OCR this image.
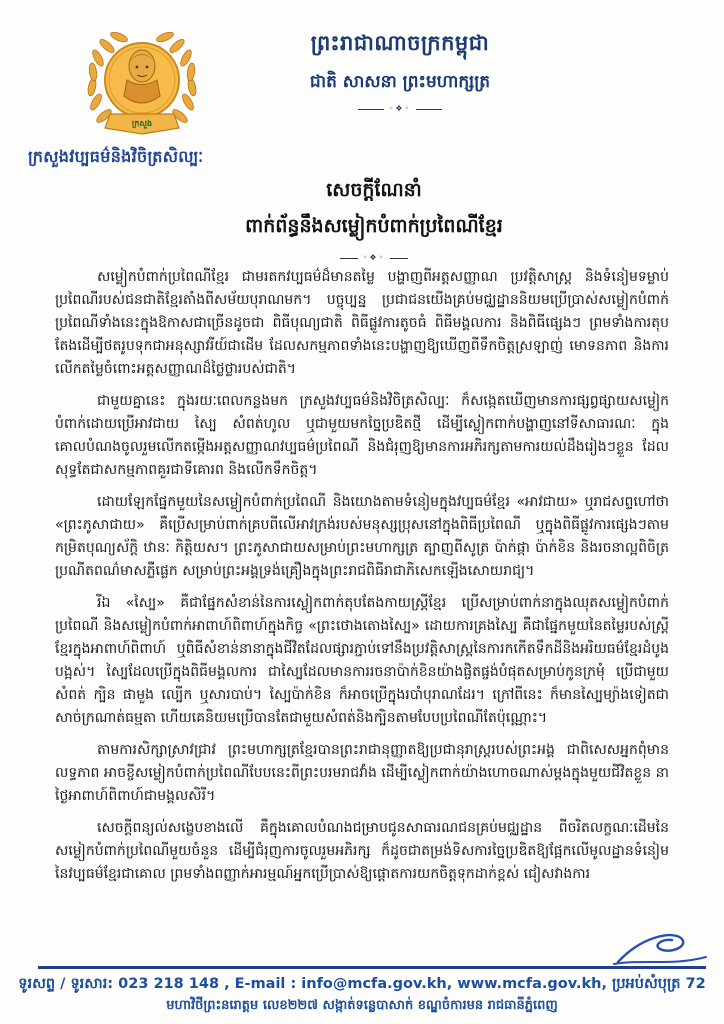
ក្រសួង
ព្រះរាជាណាចក្រកម្ពុជា
ជាតិ សាសនា ព្រះមហាក្សត្រ
◦❖◦
ក្រសួងវប្បធម៌និងវិចិត្រសិល្បៈ
សេចក្តីណែនាំ
ពាក់ព័ន្ធនឹងសម្លៀកបំពាក់ប្រពៃណីខ្មែរ
◦❖◦

សម្លៀកបំពាក់ប្រពៃណីខ្មែរ ជាមរតកវប្បធម៌ដ៏មានតម្លៃ បង្ហាញពីអត្តសញ្ញាណ ប្រវត្តិសាស្ត្រ និងទំនៀមទម្លាប់ប្រពៃណីរបស់ជនជាតិខ្មែរតាំងពីសម័យបុរាណមក។ បច្ចុប្បន្ន ប្រជាជនយើងគ្រប់មជ្ឈដ្ឋាននិយមប្រើប្រាស់សម្លៀកបំពាក់ប្រពៃណីទាំងនេះក្នុងឱកាសជាច្រើនដូចជា ពិធីបុណ្យជាតិ ពិធីផ្លូវការតូចធំ ពិធីមង្គលការ និងពិធីផ្សេងៗ ព្រមទាំងការតុបតែងដើម្បីថតរូបទុកជាអនុស្សាវរីយ៍ជាដើម ដែលសកម្មភាពទាំងនេះបង្ហាញឱ្យឃើញពីទឹកចិត្តស្រឡាញ់ មោទនភាព និងការលើកតម្លៃចំពោះអត្តសញ្ញាណដ៏ថ្លៃថ្លារបស់ជាតិ។

ជាមួយគ្នានេះ ក្នុងរយៈពេលកន្លងមក ក្រសួងវប្បធម៌និងវិចិត្រសិល្បៈ ក៏សង្កេតឃើញមានការផ្សព្វផ្សាយសម្លៀកបំពាក់ដោយប្រើអាវជាយ ស្បៃ សំពត់ហូល ឬជាមួយមកច្នៃប្រឌិតថ្មី ដើម្បីស្លៀកពាក់បង្ហាញនៅទីសាធារណៈ ក្នុងគោលបំណងចូលរួមលើកតម្កើងអត្តសញ្ញាណវប្បធម៌ប្រពៃណី និងជំរុញឱ្យមានការអភិរក្សតាមការយល់ដឹងរៀងៗខ្លួន ដែលសុទ្ធតែជាសកម្មភាពគួរជាទីគោរព និងលើកទឹកចិត្ត។

ដោយឡែកផ្នែកមួយនៃសម្លៀកបំពាក់ប្រពៃណី និងយោងតាមទំនៀមក្នុងវប្បធម៌ខ្មែរ «អាវជាយ» ឬរាជសព្ទហៅថា «ព្រះភូសាជាយ» គឺប្រើសម្រាប់ពាក់គ្របពីលើអាវក្រង់របស់មនុស្សប្រុសនៅក្នុងពិធីប្រពៃណី ឬក្នុងពិធីផ្លូវការផ្សេងៗតាមកម្រិតបុណ្យស័ក្តិ ឋានៈ កិត្តិយស។ ព្រះភូសាជាយសម្រាប់ព្រះមហាក្សត្រ ត្បាញពីសូត្រ ប៉ាក់ផ្កា ប៉ាក់ខិន និងរចនាល្អពិចិត្រប្រណីតពណ៌មាសភ្លឺផ្លេក សម្រាប់ព្រះអង្គទ្រង់គ្រឿងក្នុងព្រះរាជពិធីរាជាភិសេកឡើងសោយរាជ្យ។

រីឯ «ស្បៃ» គឺជាផ្នែកសំខាន់នៃការស្លៀកពាក់តុបតែងកាយស្ត្រីខ្មែរ ប្រើសម្រាប់ពាក់នាក្នុងឈុតសម្លៀកបំពាក់ប្រពៃណី និងសម្លៀកបំពាក់អាពាហ៍ពិពាហ៍ក្នុងកិច្ច «ព្រះថោងតោងស្បៃ» ដោយការគ្រងស្បៃ គឺជាផ្នែកមួយនៃតម្លៃរបស់ស្ត្រីខ្មែរក្នុងអាពាហ៍ពិពាហ៍ ឬពិធីសំខាន់នានាក្នុងជីវិតដែលផ្សារភ្ជាប់ទៅនឹងប្រវត្តិសាស្ត្រនៃការកកើតទឹកដីនិងអរិយធម៌ខ្មែរដំបូងបង្អស់។ ស្បៃដែលប្រើក្នុងពិធីមង្គលការ ជាស្បៃដែលមានការរចនាប៉ាក់ខិនយ៉ាងផ្ចិតផ្ចង់បំផុតសម្រាប់កូនក្រមុំ ប្រើជាមួយសំពត់ ក្បិន ផាមួង ល្បើក ឬសារបាប់។ ស្បៃប៉ាក់ខិន ក៏អាចប្រើក្នុងរបាំបុរាណដែរ។ ក្រៅពីនេះ ក៏មានស្បៃម្យ៉ាងទៀតជាសាច់ក្រណាត់ធម្មតា ហើយគេនិយមប្រើបានតែជាមួយសំពត់និងក្បិនតាមបែបប្រពៃណីតែប៉ុណ្ណោះ។

តាមការសិក្សាស្រាវជ្រាវ ព្រះមហាក្សត្រខ្មែរបានព្រះរាជានុញ្ញាតឱ្យប្រជានុរាស្ត្ររបស់ព្រះអង្គ ជាពិសេសអ្នកពុំមានលទ្ធភាព អាចខ្ចីសម្លៀកបំពាក់ប្រពៃណីបែបនេះពីព្រះបរមរាជវាំង ដើម្បីស្លៀកពាក់យ៉ាងហោចណាស់ម្ដងក្នុងមួយជីវិតខ្លួន នាថ្ងៃអាពាហ៍ពិពាហ៍ជាមង្គលសិរី។

សេចក្តីពន្យល់សង្ខេបខាងលើ គឺក្នុងគោលបំណងជម្រាបជូនសាធារណជនគ្រប់មជ្ឈដ្ឋាន ពីចរិតលក្ខណៈដើមនៃសម្លៀកបំពាក់ប្រពៃណីមួយចំនួន ដើម្បីជំរុញការចូលរួមអភិរក្ស ក៏ដូចជាតម្រង់ទិសការច្នៃប្រឌិតឱ្យផ្អែកលើមូលដ្ឋានទំនៀមនៃវប្បធម៌ខ្មែរជាគោល ព្រមទាំងពញ្ញាក់អារម្មណ៍អ្នកប្រើប្រាស់ឱ្យផ្ដោតការយកចិត្តទុកដាក់ខ្ពស់ ជៀសវាងការ

ទូរសព្ទ / ទូរសារ: 023 218 148 , E-mail : info@mcfa.gov.kh, www.mcfa.gov.kh, ប្រអប់សំបុត្រ 72
មហាវិថីព្រះនរោត្តម លេខ២២៧ សង្កាត់ទន្លេបាសាក់ ខណ្ឌចំការមន រាជធានីភ្នំពេញ
